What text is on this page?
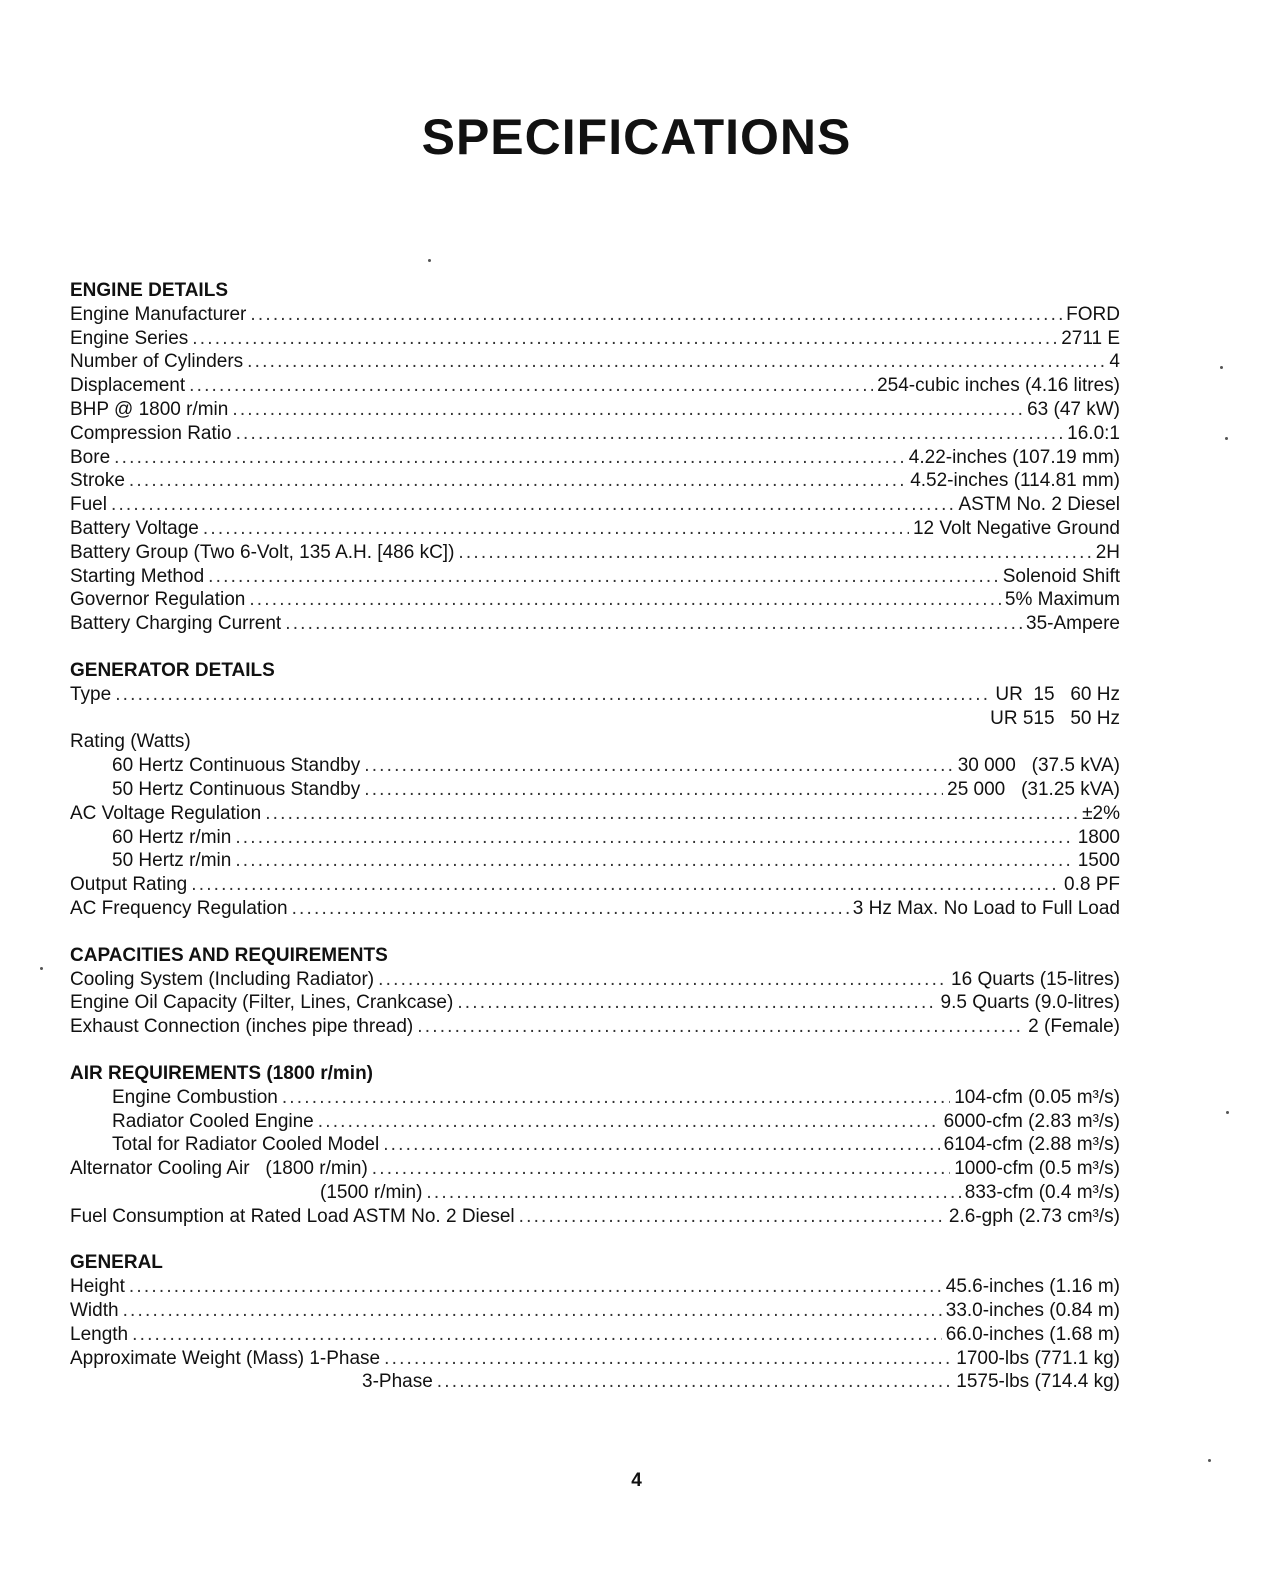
SPECIFICATIONS
ENGINE DETAILS
Engine Manufacturer .....	FORD
Engine Series .....	2711 E
Number of Cylinders .....	4
Displacement .....	254-cubic inches (4.16 litres)
BHP @ 1800 r/min .....	63 (47 kW)
Compression Ratio .....	16.0:1
Bore .....	4.22-inches (107.19 mm)
Stroke .....	4.52-inches (114.81 mm)
Fuel .....	ASTM No. 2 Diesel
Battery Voltage .....	12 Volt Negative Ground
Battery Group (Two 6-Volt, 135 A.H. [486 kC]) .....	2H
Starting Method .....	Solenoid Shift
Governor Regulation .....	5% Maximum
Battery Charging Current .....	35-Ampere
GENERATOR DETAILS
Type .....	UR  15   60 Hz
UR 515   50 Hz
Rating (Watts)
60 Hertz Continuous Standby .....	30 000   (37.5 kVA)
50 Hertz Continuous Standby .....	25 000   (31.25 kVA)
AC Voltage Regulation .....	±2%
60 Hertz r/min .....	1800
50 Hertz r/min .....	1500
Output Rating .....	0.8 PF
AC Frequency Regulation .....	3 Hz Max. No Load to Full Load
CAPACITIES AND REQUIREMENTS
Cooling System (Including Radiator) .....	16 Quarts (15-litres)
Engine Oil Capacity (Filter, Lines, Crankcase) .....	9.5 Quarts (9.0-litres)
Exhaust Connection (inches pipe thread) .....	2 (Female)
AIR REQUIREMENTS (1800 r/min)
Engine Combustion .....	104-cfm (0.05 m³/s)
Radiator Cooled Engine .....	6000-cfm (2.83 m³/s)
Total for Radiator Cooled Model .....	6104-cfm (2.88 m³/s)
Alternator Cooling Air   (1800 r/min) .....	1000-cfm (0.5 m³/s)
(1500 r/min) .....	833-cfm (0.4 m³/s)
Fuel Consumption at Rated Load ASTM No. 2 Diesel .....	2.6-gph (2.73 cm³/s)
GENERAL
Height .....	45.6-inches (1.16 m)
Width .....	33.0-inches (0.84 m)
Length .....	66.0-inches (1.68 m)
Approximate Weight (Mass) 1-Phase .....	1700-lbs (771.1 kg)
3-Phase .....	1575-lbs (714.4 kg)
4
